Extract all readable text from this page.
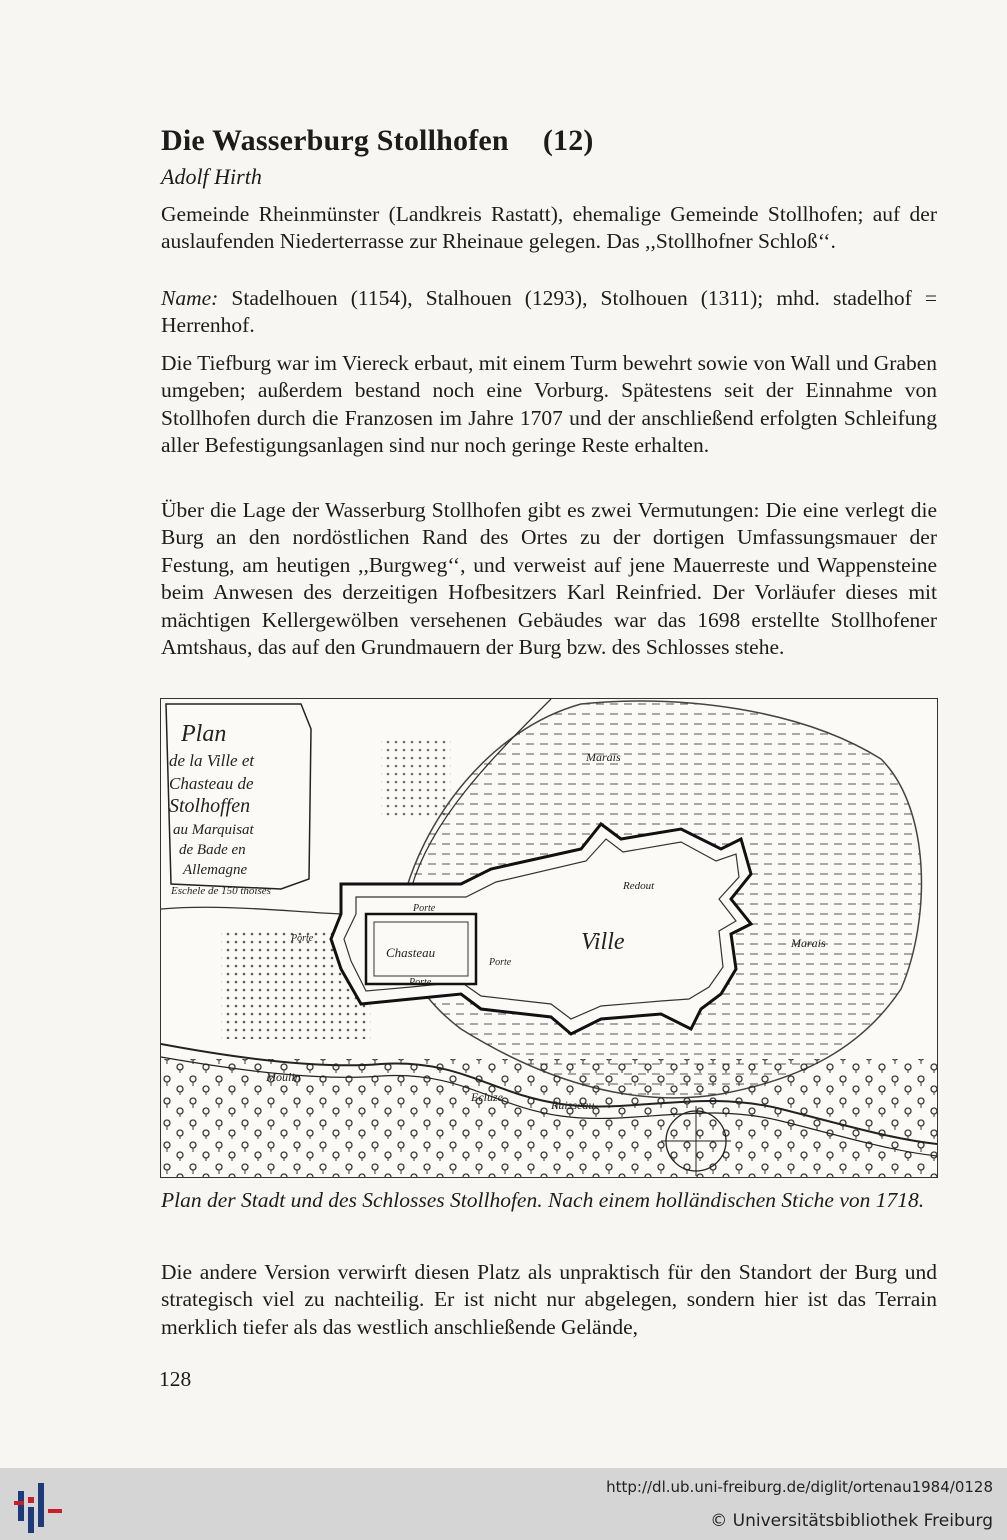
Die Wasserburg Stollhofen (12)
Adolf Hirth

Gemeinde Rheinmünster (Landkreis Rastatt), ehemalige Gemeinde Stollhofen; auf der auslaufenden Niederterrasse zur Rheinaue gelegen. Das ,,Stollhofner Schloß‘‘.

Name: Stadelhouen (1154), Stalhouen (1293), Stolhouen (1311); mhd. stadelhof = Herrenhof.

Die Tiefburg war im Viereck erbaut, mit einem Turm bewehrt sowie von Wall und Graben umgeben; außerdem bestand noch eine Vorburg. Spätestens seit der Einnahme von Stollhofen durch die Franzosen im Jahre 1707 und der anschließend erfolgten Schleifung aller Befestigungsanlagen sind nur noch geringe Reste erhalten.

Über die Lage der Wasserburg Stollhofen gibt es zwei Vermutungen: Die eine verlegt die Burg an den nordöstlichen Rand des Ortes zu der dortigen Umfassungsmauer der Festung, am heutigen ,,Burgweg‘‘, und verweist auf jene Mauerreste und Wappensteine beim Anwesen des derzeitigen Hofbesitzers Karl Reinfried. Der Vorläufer dieses mit mächtigen Kellergewölben versehenen Gebäudes war das 1698 erstellte Stollhofener Amtshaus, das auf den Grundmauern der Burg bzw. des Schlosses stehe.

Plan
de la Ville et
Chasteau de
Stolhoffen
au Marquisat
de Bade en
Allemagne
Eschele de 150 thoises
Ville
Chasteau
Porte
Porte
Porte
Porte
Redout
Marais
Marais
Moulin
Ecluze
Ruisseau

Plan der Stadt und des Schlosses Stollhofen. Nach einem holländischen Stiche von 1718.

Die andere Version verwirft diesen Platz als unpraktisch für den Standort der Burg und strategisch viel zu nachteilig. Er ist nicht nur abgelegen, sondern hier ist das Terrain merklich tiefer als das westlich anschließende Gelände,

128
http://dl.ub.uni-freiburg.de/diglit/ortenau1984/0128
© Universitätsbibliothek Freiburg
